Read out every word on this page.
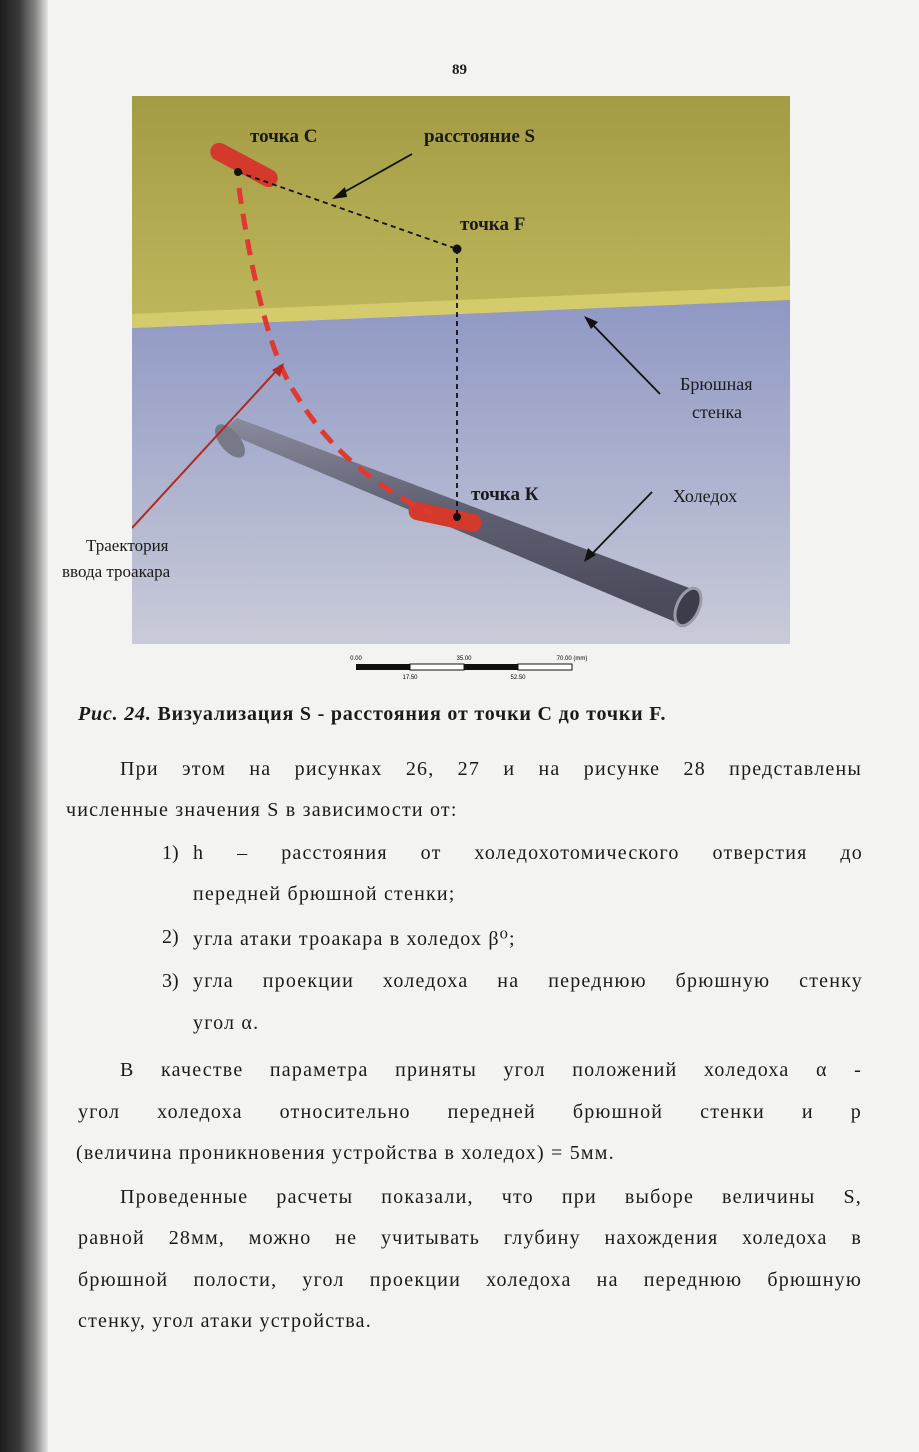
89
точка С	расстояние S
точка F
Брюшная
стенка
точка К	Холедох
Траектория
ввода троакара
0.00	35.00	70.00 (mm)
17.50	52.50
Рис. 24. Визуализация S - расстояния от точки С до точки F.
При этом на рисунках 26, 27 и на рисунке 28 представлены
численные значения S в зависимости от:
1) h – расстояния от холедохотомического отверстия до
передней брюшной стенки;
2) угла атаки троакара в холедох β⁰;
3) угла проекции холедоха на переднюю брюшную стенку
угол α.
В качестве параметра приняты угол положений холедоха α -
угол холедоха относительно передней брюшной стенки и р
(величина проникновения устройства в холедох) = 5мм.
Проведенные расчеты показали, что при выборе величины S,
равной 28мм, можно не учитывать глубину нахождения холедоха в
брюшной полости, угол проекции холедоха на переднюю брюшную
стенку, угол атаки устройства.
